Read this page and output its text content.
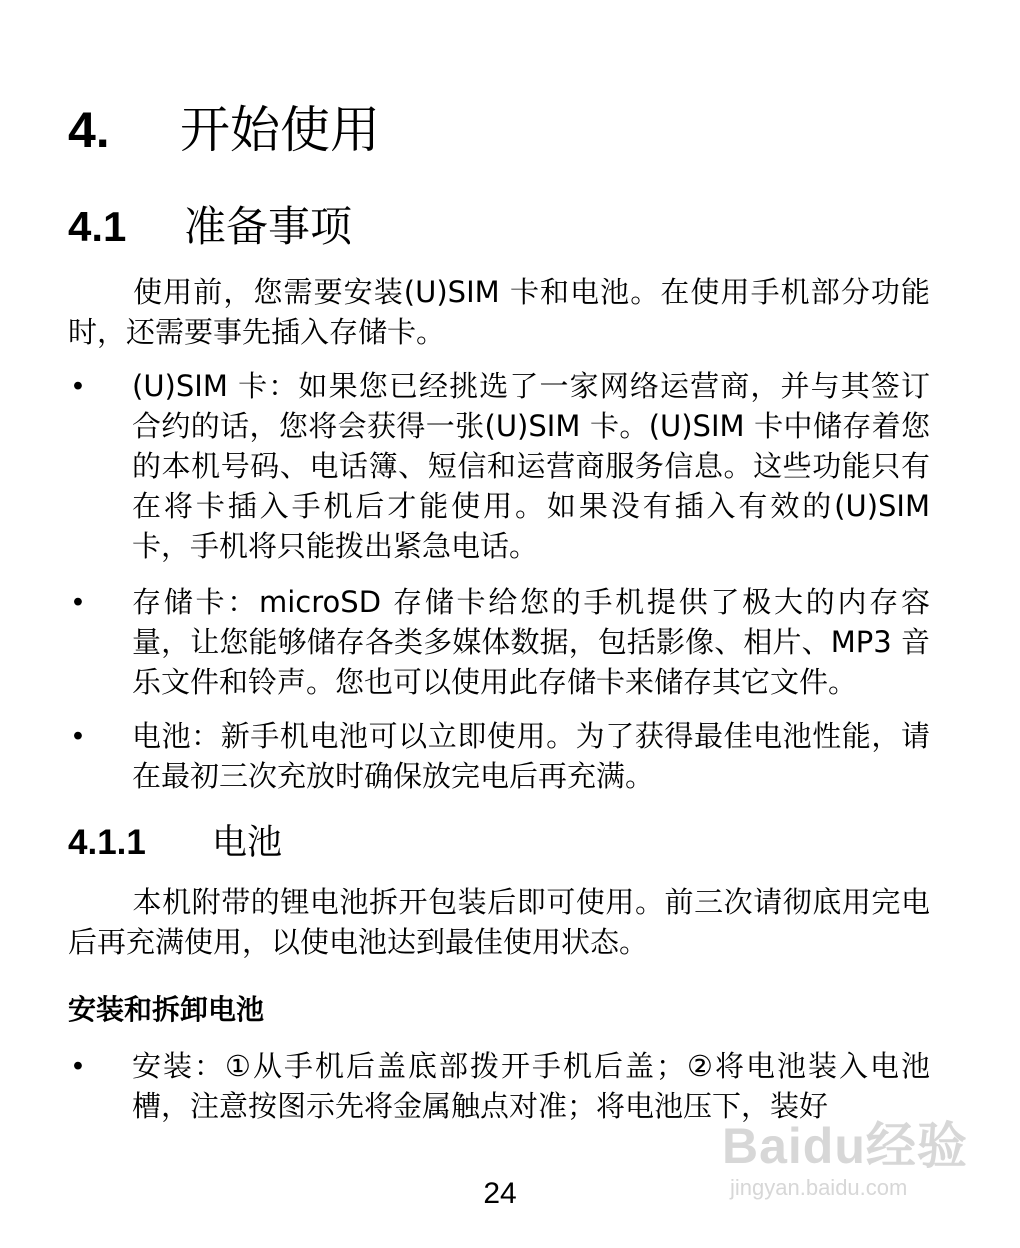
4. 开始使用
4.1 准备事项
使用前，您需要安装(U)SIM 卡和电池。在使用手机部分功能时，还需要事先插入存储卡。
• (U)SIM 卡：如果您已经挑选了一家网络运营商，并与其签订合约的话，您将会获得一张(U)SIM 卡。(U)SIM 卡中储存着您的本机号码、电话簿、短信和运营商服务信息。这些功能只有在将卡插入手机后才能使用。如果没有插入有效的(U)SIM 卡，手机将只能拨出紧急电话。
• 存储卡：microSD 存储卡给您的手机提供了极大的内存容量，让您能够储存各类多媒体数据，包括影像、相片、MP3 音乐文件和铃声。您也可以使用此存储卡来储存其它文件。
• 电池：新手机电池可以立即使用。为了获得最佳电池性能，请在最初三次充放时确保放完电后再充满。
4.1.1 电池
本机附带的锂电池拆开包装后即可使用。前三次请彻底用完电后再充满使用，以使电池达到最佳使用状态。
安装和拆卸电池
• 安装：①从手机后盖底部拨开手机后盖；②将电池装入电池槽，注意按图示先将金属触点对准；将电池压下，装好
24
Baidu经验
jingyan.baidu.com
